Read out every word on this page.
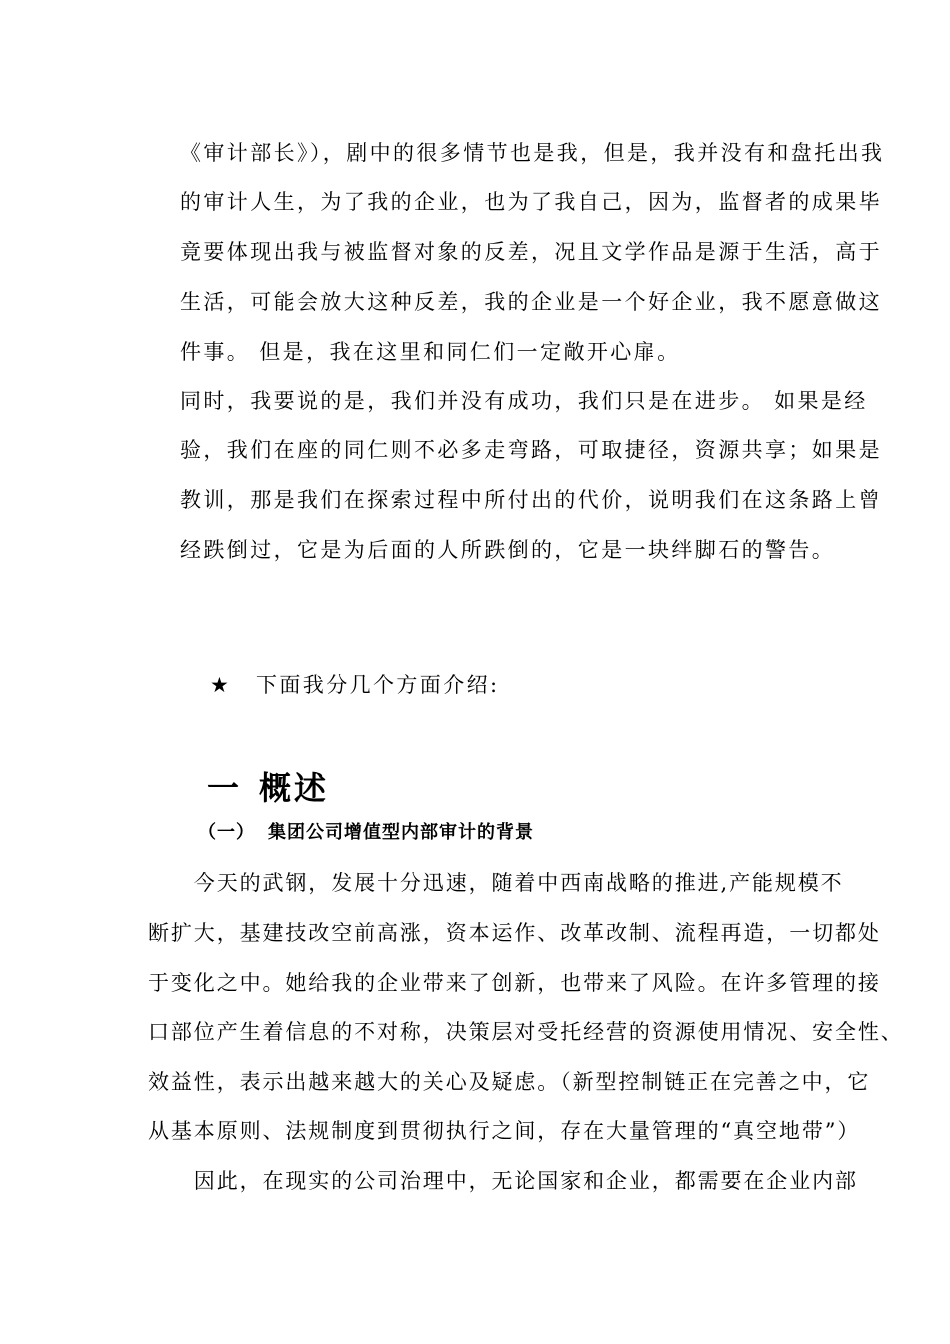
《审计部长》），剧中的很多情节也是我，但是，我并没有和盘托出我
的审计人生，为了我的企业，也为了我自己，因为，监督者的成果毕
竟要体现出我与被监督对象的反差，况且文学作品是源于生活，高于
生活，可能会放大这种反差，我的企业是一个好企业，我不愿意做这
件事。 但是，我在这里和同仁们一定敞开心扉。
同时，我要说的是，我们并没有成功，我们只是在进步。 如果是经
验，我们在座的同仁则不必多走弯路，可取捷径，资源共享；如果是
教训，那是我们在探索过程中所付出的代价，说明我们在这条路上曾
经跌倒过，它是为后面的人所跌倒的，它是一块绊脚石的警告。
★ 下面我分几个方面介绍:
一 概述
（一） 集团公司增值型内部审计的背景
　　今天的武钢，发展十分迅速，随着中西南战略的推进,产能规模不
断扩大，基建技改空前高涨，资本运作、改革改制、流程再造，一切都处
于变化之中。她给我的企业带来了创新，也带来了风险。在许多管理的接
口部位产生着信息的不对称，决策层对受托经营的资源使用情况、安全性、
效益性，表示出越来越大的关心及疑虑。（新型控制链正在完善之中，它
从基本原则、法规制度到贯彻执行之间，存在大量管理的“真空地带”）
　　因此，在现实的公司治理中，无论国家和企业，都需要在企业内部
